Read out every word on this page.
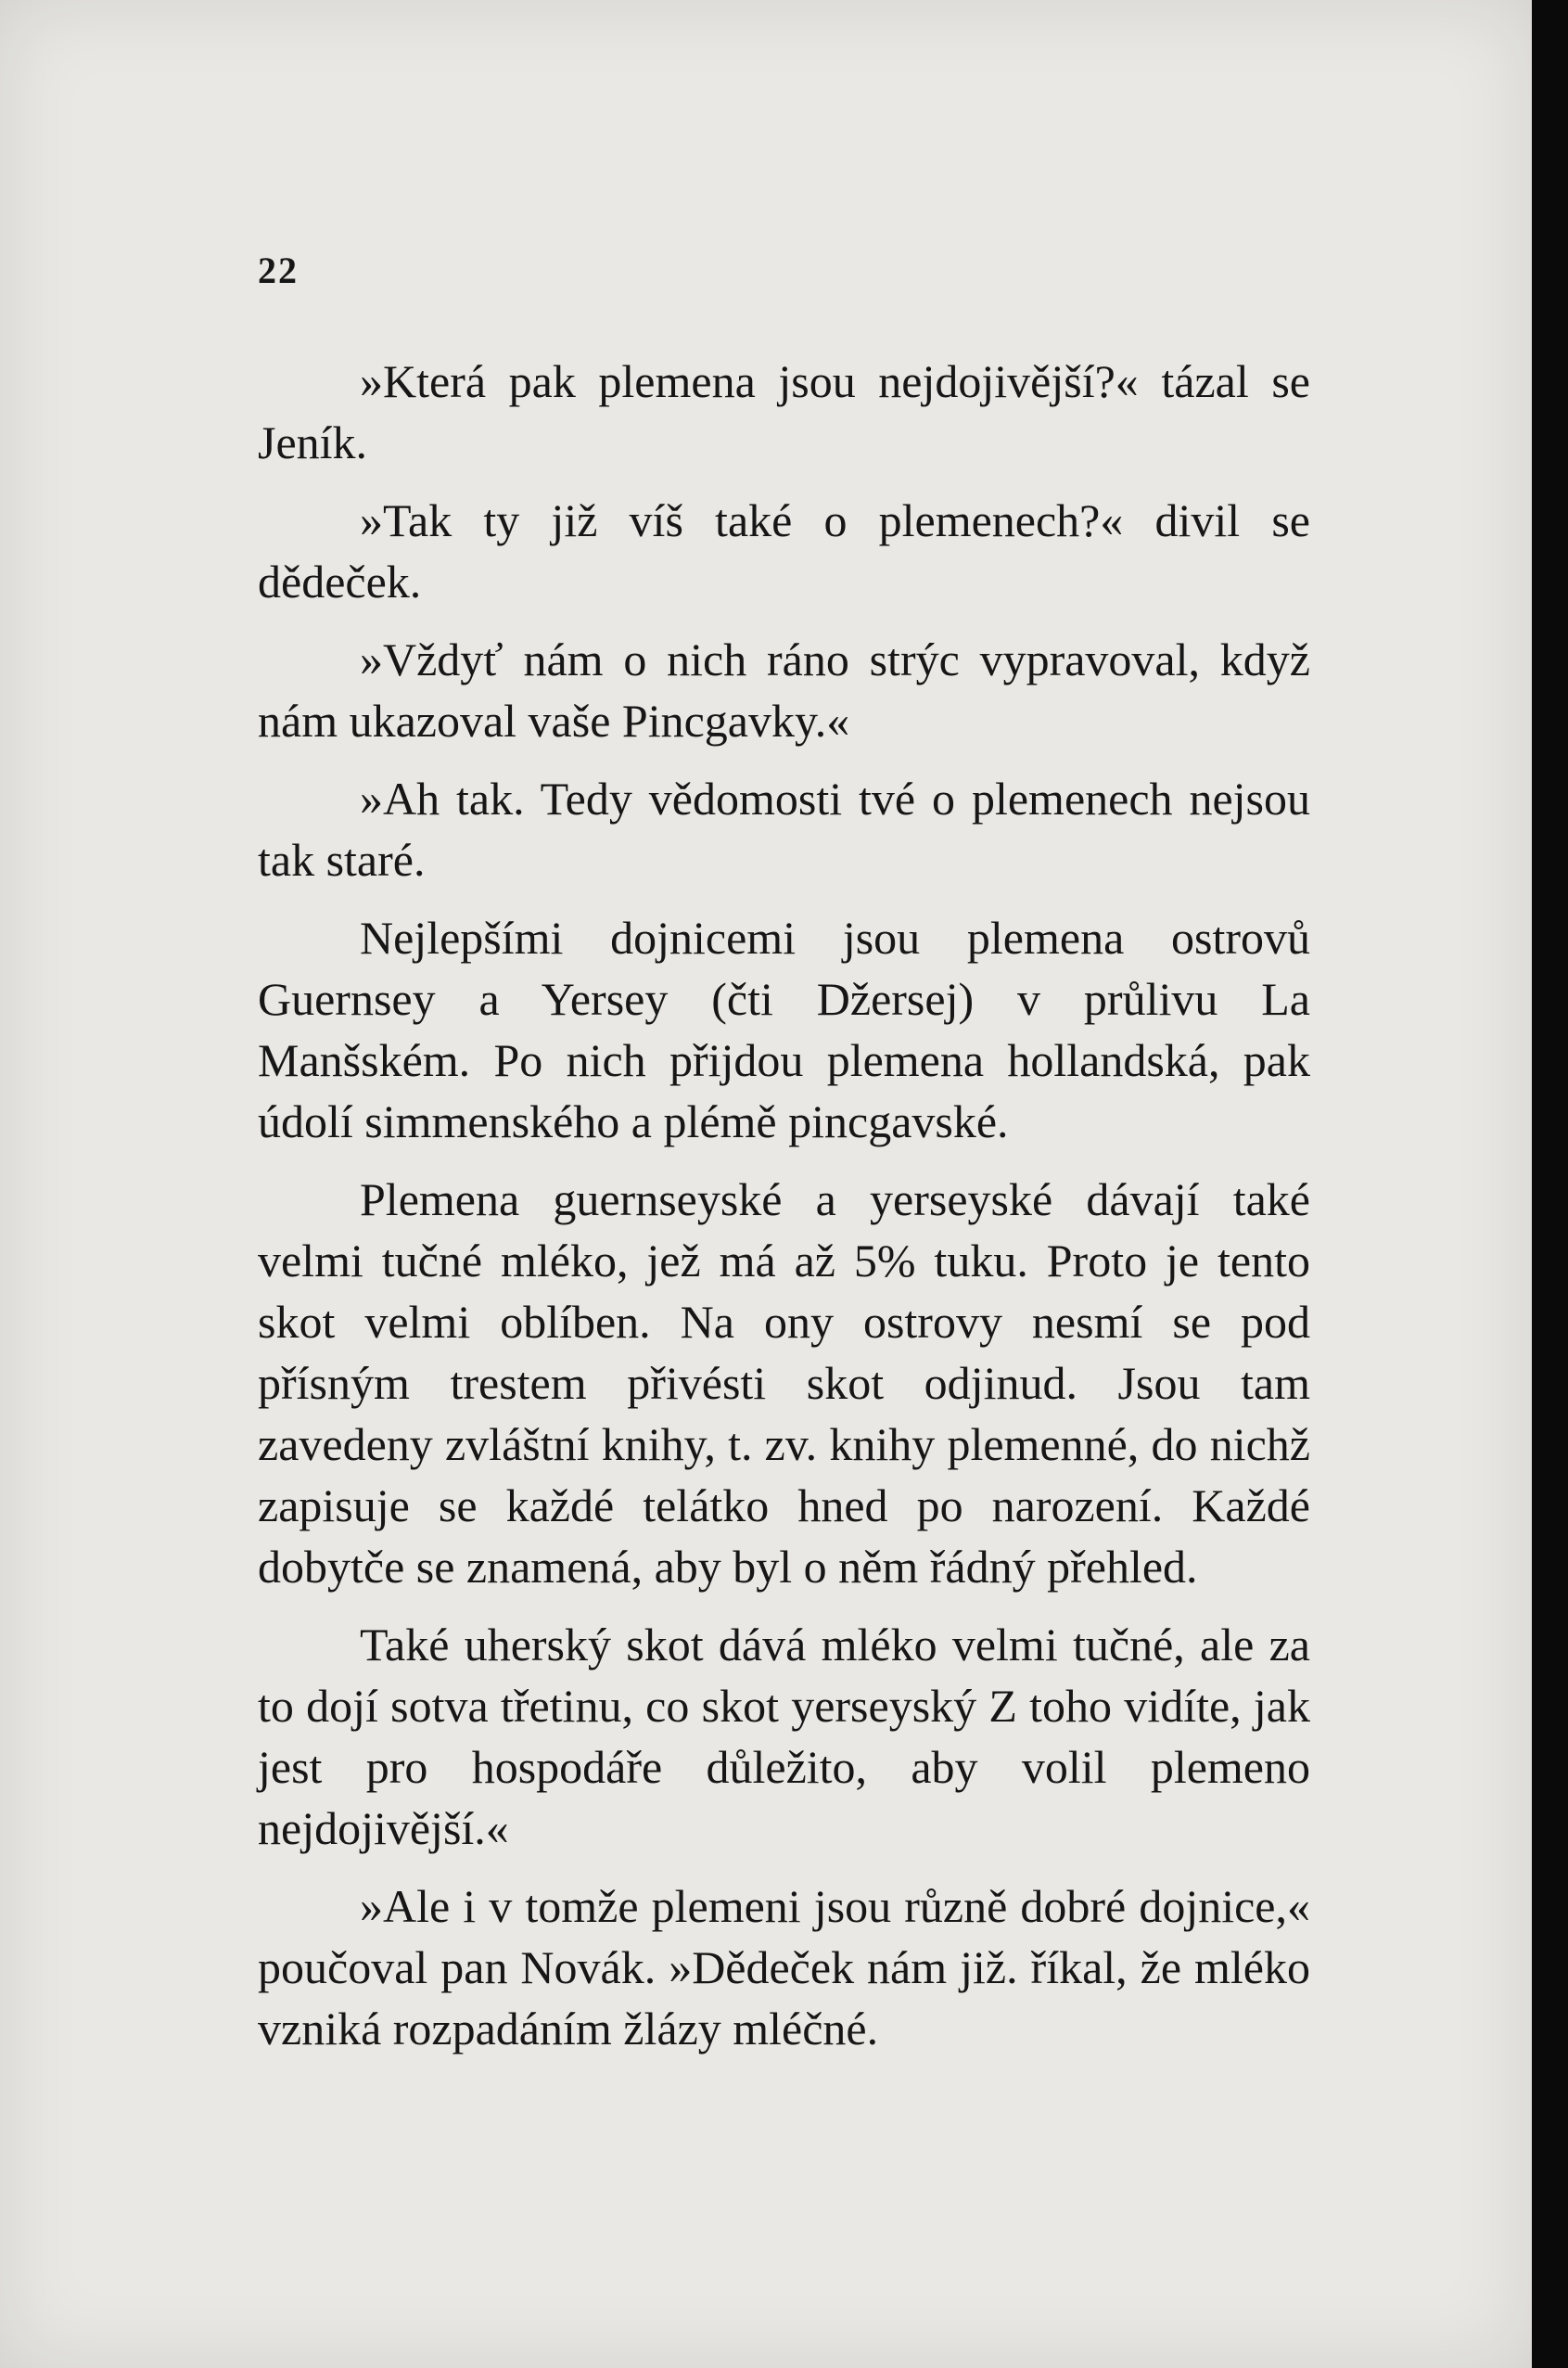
22

»Která pak plemena jsou nejdojivější?« tázal se Jeník.

»Tak ty již víš také o plemenech?« divil se dědeček.

»Vždyť nám o nich ráno strýc vypravoval, když nám ukazoval vaše Pincgavky.«

»Ah tak. Tedy vědomosti tvé o plemenech nejsou tak staré.

Nejlepšími dojnicemi jsou plemena ostrovů Guernsey a Yersey (čti Džersej) v průlivu La Manšském. Po nich přijdou plemena hollandská, pak údolí simmenského a plémě pincgavské.

Plemena guernseyské a yerseyské dávají také velmi tučné mléko, jež má až 5% tuku. Proto je tento skot velmi oblíben. Na ony ostrovy nesmí se pod přísným trestem přivésti skot odjinud. Jsou tam zavedeny zvláštní knihy, t. zv. knihy plemenné, do nichž zapisuje se každé telátko hned po narození. Každé dobytče se znamená, aby byl o něm řádný přehled.

Také uherský skot dává mléko velmi tučné, ale za to dojí sotva třetinu, co skot yerseyský Z toho vidíte, jak jest pro hospodáře důležito, aby volil plemeno nejdojivější.«

»Ale i v tomže plemeni jsou různě dobré dojnice,« poučoval pan Novák. »Dědeček nám již. říkal, že mléko vzniká rozpadáním žlázy mléčné.
